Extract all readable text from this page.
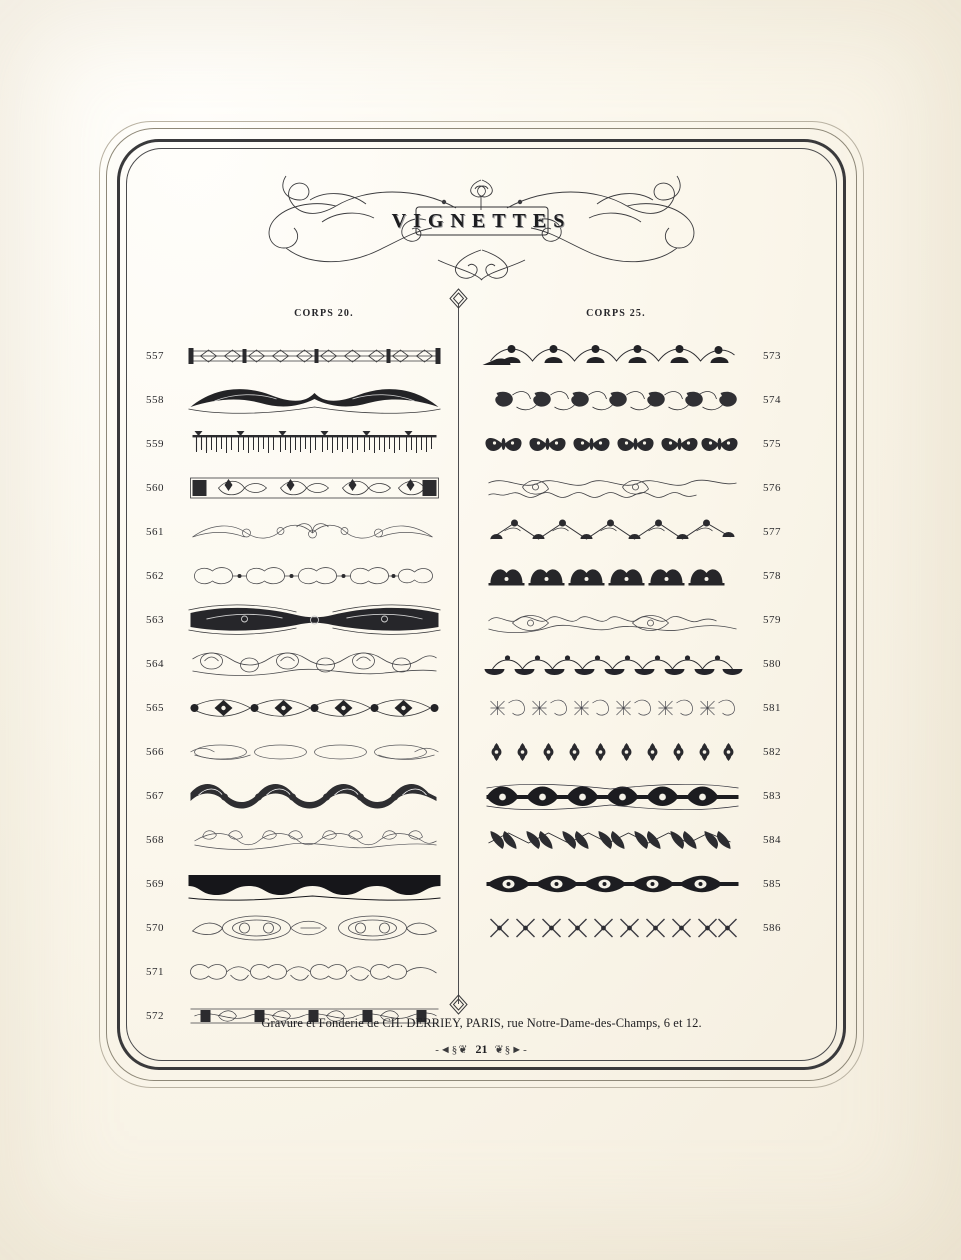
VIGNETTES
CORPS 20.	CORPS 25.
557
558
559
560
561
562
563
564
565
566
567
568
569
570
571
572
573
574
575
576
577
578
579
580
581
582
583
584
585
586
Gravure et Fonderie de CH. DERRIEY, PARIS, rue Notre-Dame-des-Champs, 6 et 12.
-◄§❦ 21 ❦§►-
